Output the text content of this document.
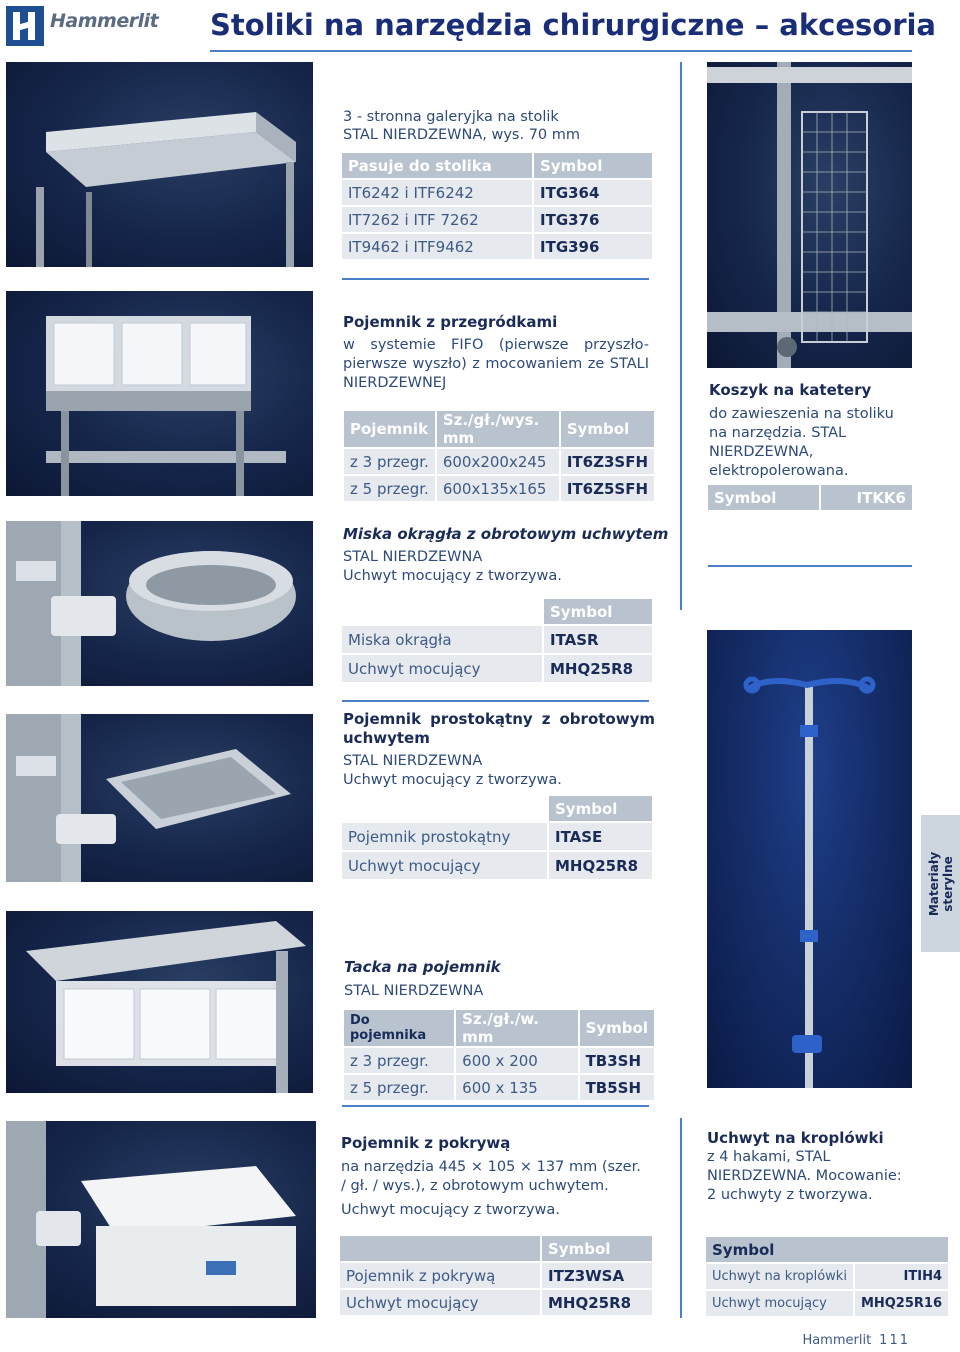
Hammerlit Stoliki na narzędzia chirurgiczne – akcesoria
3 - stronna galeryjka na stolik
STAL NIERDZEWNA, wys. 70 mm
Pasuje do stolika	Symbol
IT6242 i ITF6242	ITG364
IT7262 i ITF 7262	ITG376
IT9462 i ITF9462	ITG396
Pojemnik z przegródkami
w systemie FIFO (pierwsze przyszło-pierwsze wyszło) z mocowaniem ze STALI NIERDZEWNEJ
Pojemnik	Sz./gł./wys. mm	Symbol
z 3 przegr.	600x200x245	IT6Z3SFH
z 5 przegr.	600x135x165	IT6Z5SFH
Koszyk na katetery
do zawieszenia na stoliku na narzędzia. STAL NIERDZEWNA, elektropolerowana.
Symbol	ITKK6
Miska okrągła z obrotowym uchwytem
STAL NIERDZEWNA
Uchwyt mocujący z tworzywa.
	Symbol
Miska okrągła	ITASR
Uchwyt mocujący	MHQ25R8
Pojemnik prostokątny z obrotowym uchwytem
STAL NIERDZEWNA
Uchwyt mocujący z tworzywa.
	Symbol
Pojemnik prostokątny	ITASE
Uchwyt mocujący	MHQ25R8	Materiały sterylne
Tacka na pojemnik
STAL NIERDZEWNA
Do pojemnika	Sz./gł./w. mm	Symbol
z 3 przegr.	600 x 200	TB3SH
z 5 przegr.	600 x 135	TB5SH
Pojemnik z pokrywą
na narzędzia 445 × 105 × 137 mm (szer. / gł. / wys.), z obrotowym uchwytem.
Uchwyt mocujący z tworzywa.
	Symbol
Pojemnik z pokrywą	ITZ3WSA
Uchwyt mocujący	MHQ25R8
Uchwyt na kroplówki
z 4 hakami, STAL NIERDZEWNA. Mocowanie: 2 uchwyty z tworzywa.
Symbol	
Uchwyt na kroplówki	ITIH4
Uchwyt mocujący	MHQ25R16
Hammerlit 111
